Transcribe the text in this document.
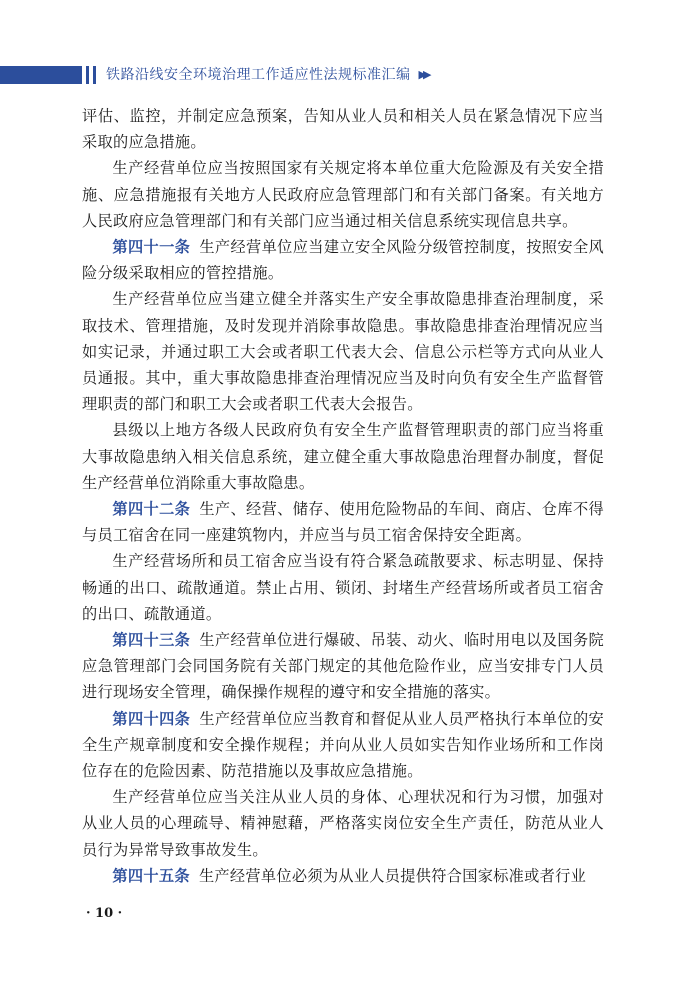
铁路沿线安全环境治理工作适应性法规标准汇编 ▶▶

评估、监控，并制定应急预案，告知从业人员和相关人员在紧急情况下应当采取的应急措施。

生产经营单位应当按照国家有关规定将本单位重大危险源及有关安全措施、应急措施报有关地方人民政府应急管理部门和有关部门备案。有关地方人民政府应急管理部门和有关部门应当通过相关信息系统实现信息共享。

第四十一条 生产经营单位应当建立安全风险分级管控制度，按照安全风险分级采取相应的管控措施。

生产经营单位应当建立健全并落实生产安全事故隐患排查治理制度，采取技术、管理措施，及时发现并消除事故隐患。事故隐患排查治理情况应当如实记录，并通过职工大会或者职工代表大会、信息公示栏等方式向从业人员通报。其中，重大事故隐患排查治理情况应当及时向负有安全生产监督管理职责的部门和职工大会或者职工代表大会报告。

县级以上地方各级人民政府负有安全生产监督管理职责的部门应当将重大事故隐患纳入相关信息系统，建立健全重大事故隐患治理督办制度，督促生产经营单位消除重大事故隐患。

第四十二条 生产、经营、储存、使用危险物品的车间、商店、仓库不得与员工宿舍在同一座建筑物内，并应当与员工宿舍保持安全距离。

生产经营场所和员工宿舍应当设有符合紧急疏散要求、标志明显、保持畅通的出口、疏散通道。禁止占用、锁闭、封堵生产经营场所或者员工宿舍的出口、疏散通道。

第四十三条 生产经营单位进行爆破、吊装、动火、临时用电以及国务院应急管理部门会同国务院有关部门规定的其他危险作业，应当安排专门人员进行现场安全管理，确保操作规程的遵守和安全措施的落实。

第四十四条 生产经营单位应当教育和督促从业人员严格执行本单位的安全生产规章制度和安全操作规程；并向从业人员如实告知作业场所和工作岗位存在的危险因素、防范措施以及事故应急措施。

生产经营单位应当关注从业人员的身体、心理状况和行为习惯，加强对从业人员的心理疏导、精神慰藉，严格落实岗位安全生产责任，防范从业人员行为异常导致事故发生。

第四十五条 生产经营单位必须为从业人员提供符合国家标准或者行业

· 10 ·
